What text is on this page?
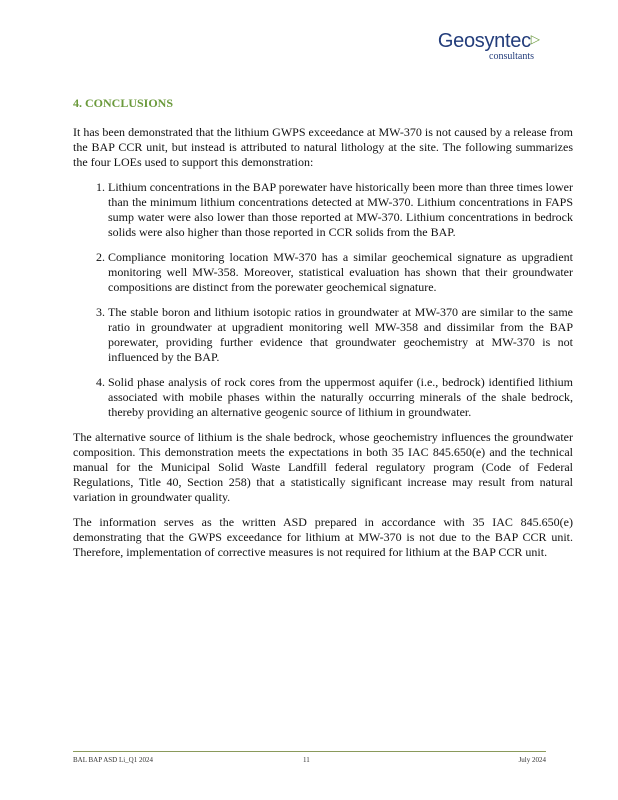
Geosyntec▷
consultants
4. CONCLUSIONS

It has been demonstrated that the lithium GWPS exceedance at MW-370 is not caused by a release from the BAP CCR unit, but instead is attributed to natural lithology at the site. The following summarizes the four LOEs used to support this demonstration:

1. Lithium concentrations in the BAP porewater have historically been more than three times lower than the minimum lithium concentrations detected at MW-370. Lithium concentrations in FAPS sump water were also lower than those reported at MW-370. Lithium concentrations in bedrock solids were also higher than those reported in CCR solids from the BAP.
2. Compliance monitoring location MW-370 has a similar geochemical signature as upgradient monitoring well MW-358. Moreover, statistical evaluation has shown that their groundwater compositions are distinct from the porewater geochemical signature.
3. The stable boron and lithium isotopic ratios in groundwater at MW-370 are similar to the same ratio in groundwater at upgradient monitoring well MW-358 and dissimilar from the BAP porewater, providing further evidence that groundwater geochemistry at MW-370 is not influenced by the BAP.
4. Solid phase analysis of rock cores from the uppermost aquifer (i.e., bedrock) identified lithium associated with mobile phases within the naturally occurring minerals of the shale bedrock, thereby providing an alternative geogenic source of lithium in groundwater.

The alternative source of lithium is the shale bedrock, whose geochemistry influences the groundwater composition. This demonstration meets the expectations in both 35 IAC 845.650(e) and the technical manual for the Municipal Solid Waste Landfill federal regulatory program (Code of Federal Regulations, Title 40, Section 258) that a statistically significant increase may result from natural variation in groundwater quality.

The information serves as the written ASD prepared in accordance with 35 IAC 845.650(e) demonstrating that the GWPS exceedance for lithium at MW-370 is not due to the BAP CCR unit. Therefore, implementation of corrective measures is not required for lithium at the BAP CCR unit.

BAL BAP ASD Li_Q1 2024	11	July 2024
